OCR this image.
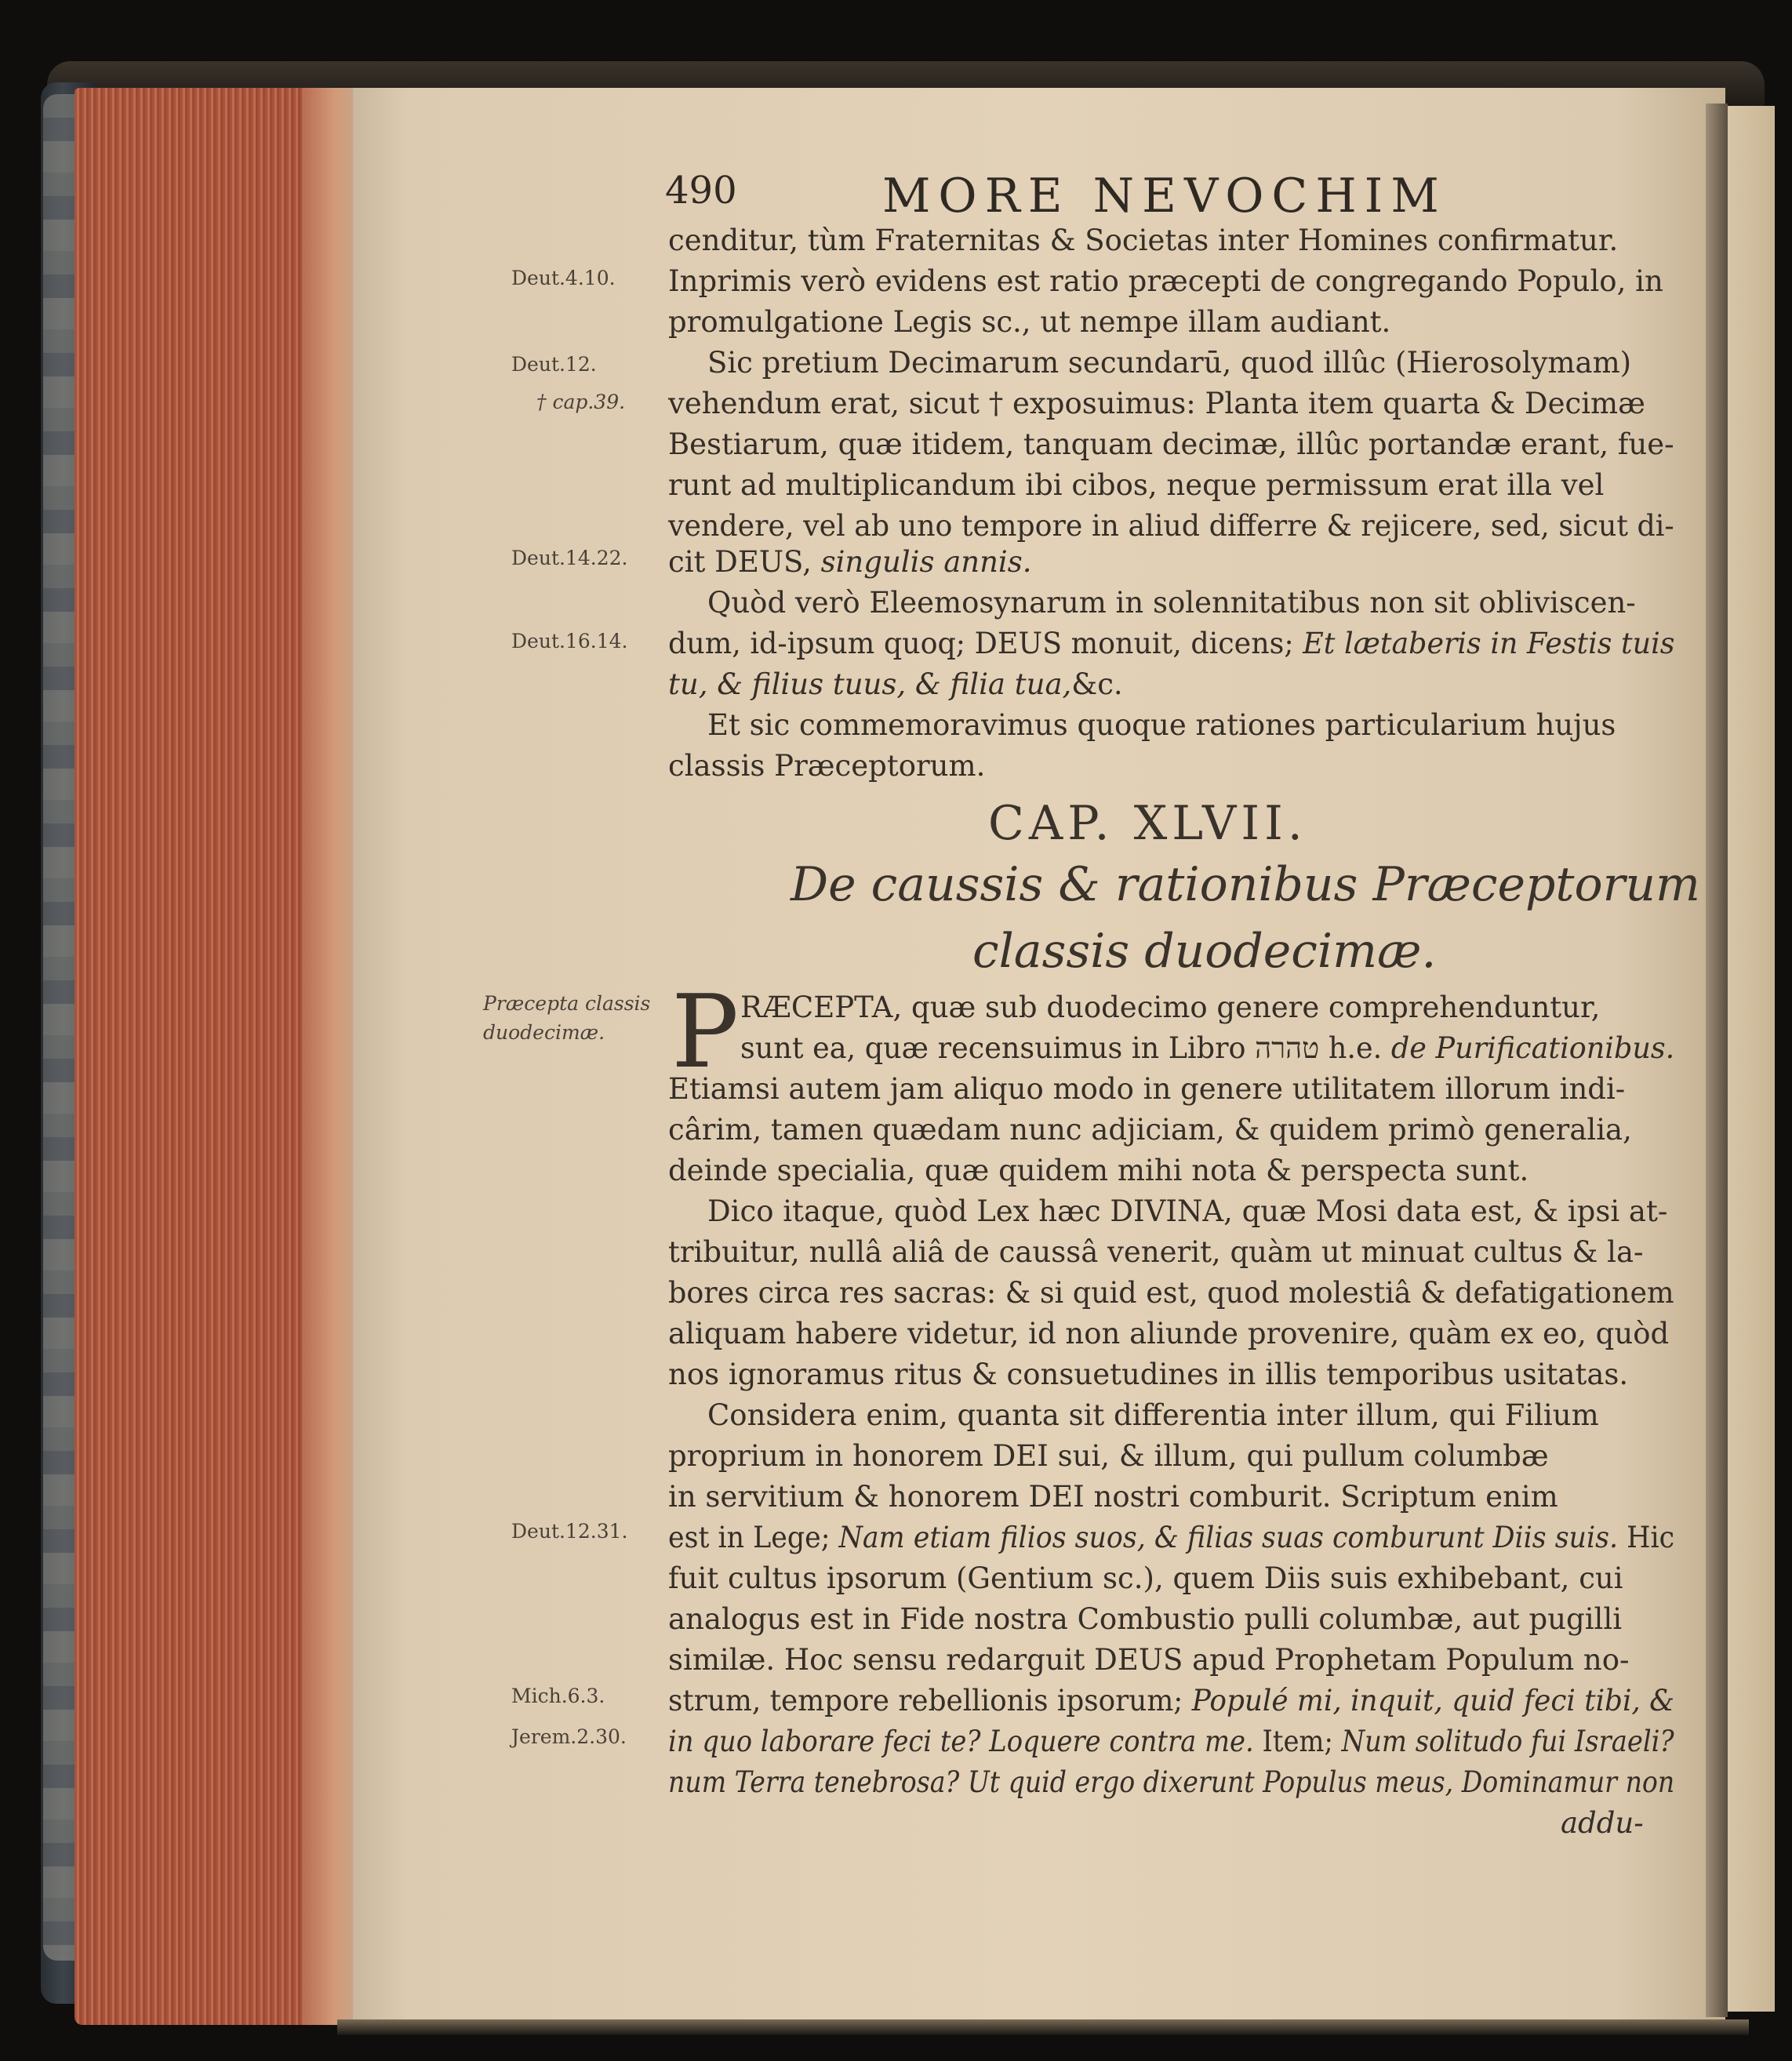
490	MORE NEVOCHIM
Deut.4.10.
Deut.12.
† cap.39.
Deut.14.22.
Deut.16.14.
Præcepta classis
duodecimæ.
Deut.12.31.
Mich.6.3.
Jerem.2.30.
cenditur, tùm Fraternitas & Societas inter Homines confirmatur.
Inprimis verò evidens est ratio præcepti de congregando Populo, in
promulgatione Legis sc., ut nempe illam audiant.
Sic pretium Decimarum secundarū, quod illûc (Hierosolymam)
vehendum erat, sicut † exposuimus: Planta item quarta & Decimæ
Bestiarum, quæ itidem, tanquam decimæ, illûc portandæ erant, fue-
runt ad multiplicandum ibi cibos, neque permissum erat illa vel
vendere, vel ab uno tempore in aliud differre & rejicere, sed, sicut di-
cit DEUS, singulis annis.
Quòd verò Eleemosynarum in solennitatibus non sit obliviscen-
dum, id-ipsum quoq; DEUS monuit, dicens; Et lætaberis in Festis tuis
tu, & filius tuus, & filia tua,&c.
Et sic commemoravimus quoque rationes particularium hujus
classis Præceptorum.
CAP. XLVII.
De caussis & rationibus Præceptorum
classis duodecimæ.
P RÆCEPTA, quæ sub duodecimo genere comprehenduntur,
sunt ea, quæ recensuimus in Libro טהרה h.e. de Purificationibus.
Etiamsi autem jam aliquo modo in genere utilitatem illorum indi-
cârim, tamen quædam nunc adjiciam, & quidem primò generalia,
deinde specialia, quæ quidem mihi nota & perspecta sunt.
Dico itaque, quòd Lex hæc DIVINA, quæ Mosi data est, & ipsi at-
tribuitur, nullâ aliâ de caussâ venerit, quàm ut minuat cultus & la-
bores circa res sacras: & si quid est, quod molestiâ & defatigationem
aliquam habere videtur, id non aliunde provenire, quàm ex eo, quòd
nos ignoramus ritus & consuetudines in illis temporibus usitatas.
Considera enim, quanta sit differentia inter illum, qui Filium
proprium in honorem DEI sui, & illum, qui pullum columbæ
in servitium & honorem DEI nostri comburit. Scriptum enim
est in Lege; Nam etiam filios suos, & filias suas comburunt Diis suis. Hic
fuit cultus ipsorum (Gentium sc.), quem Diis suis exhibebant, cui
analogus est in Fide nostra Combustio pulli columbæ, aut pugilli
similæ. Hoc sensu redarguit DEUS apud Prophetam Populum no-
strum, tempore rebellionis ipsorum; Populé mi, inquit, quid feci tibi, &
in quo laborare feci te? Loquere contra me. Item; Num solitudo fui Israeli?
num Terra tenebrosa? Ut quid ergo dixerunt Populus meus, Dominamur non
addu-
